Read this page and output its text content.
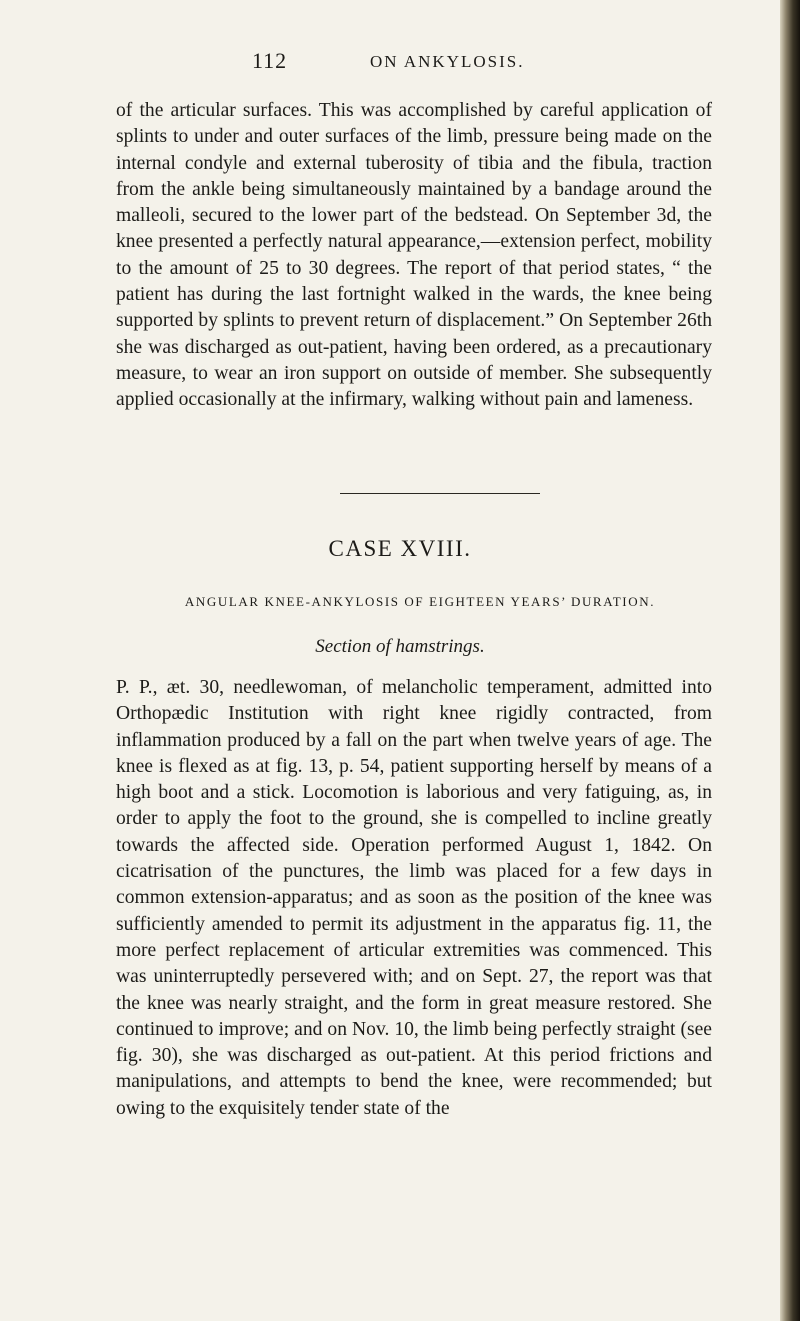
112	ON ANKYLOSIS.

of the articular surfaces. This was accomplished by careful application of splints to under and outer surfaces of the limb, pressure being made on the internal condyle and external tuberosity of tibia and the fibula, traction from the ankle being simultaneously maintained by a bandage around the malleoli, secured to the lower part of the bedstead. On September 3d, the knee presented a perfectly natural appearance,—extension perfect, mobility to the amount of 25 to 30 degrees. The report of that period states, “ the patient has during the last fortnight walked in the wards, the knee being supported by splints to prevent return of displacement.” On September 26th she was discharged as out-patient, having been ordered, as a precautionary measure, to wear an iron support on outside of member. She subsequently applied occasionally at the infirmary, walking without pain and lameness.

CASE XVIII.
ANGULAR KNEE-ANKYLOSIS OF EIGHTEEN YEARS’ DURATION.
Section of hamstrings.

P. P., æt. 30, needlewoman, of melancholic temperament, admitted into Orthopædic Institution with right knee rigidly contracted, from inflammation produced by a fall on the part when twelve years of age. The knee is flexed as at fig. 13, p. 54, patient supporting herself by means of a high boot and a stick. Locomotion is laborious and very fatiguing, as, in order to apply the foot to the ground, she is compelled to incline greatly towards the affected side. Operation performed August 1, 1842. On cicatrisation of the punctures, the limb was placed for a few days in common extension-apparatus; and as soon as the position of the knee was sufficiently amended to permit its adjustment in the apparatus fig. 11, the more perfect replacement of articular extremities was commenced. This was uninterruptedly persevered with; and on Sept. 27, the report was that the knee was nearly straight, and the form in great measure restored. She continued to improve; and on Nov. 10, the limb being perfectly straight (see fig. 30), she was discharged as out-patient. At this period frictions and manipulations, and attempts to bend the knee, were recommended; but owing to the exquisitely tender state of the
